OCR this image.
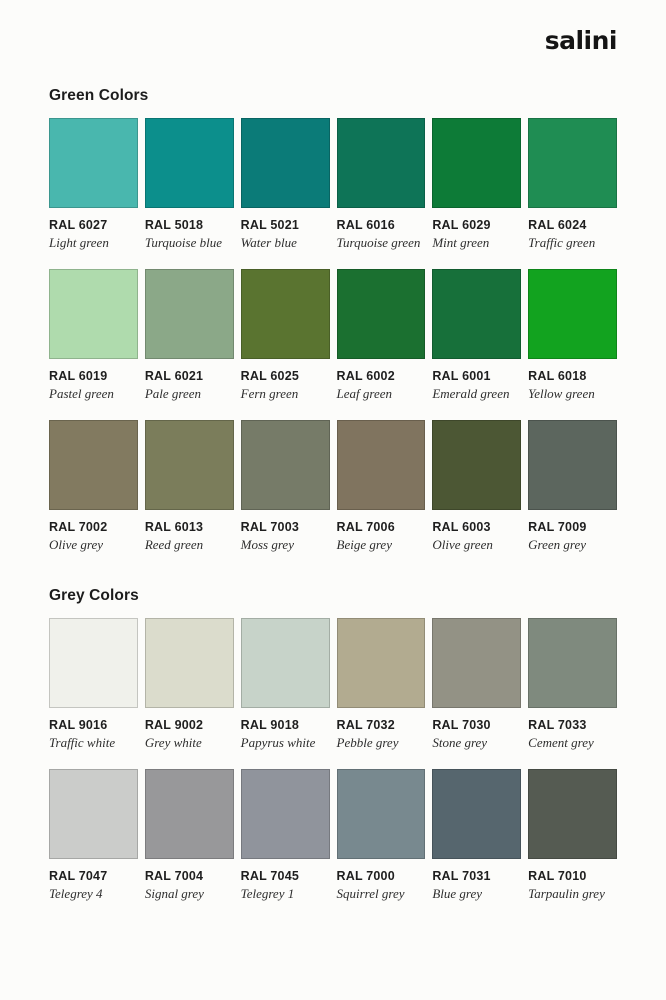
salini
Green Colors
RAL 6027
Light green
RAL 5018
Turquoise blue
RAL 5021
Water blue
RAL 6016
Turquoise green
RAL 6029
Mint green
RAL 6024
Traffic green
RAL 6019
Pastel green
RAL 6021
Pale green
RAL 6025
Fern green
RAL 6002
Leaf green
RAL 6001
Emerald green
RAL 6018
Yellow green
RAL 7002
Olive grey
RAL 6013
Reed green
RAL 7003
Moss grey
RAL 7006
Beige grey
RAL 6003
Olive green
RAL 7009
Green grey
Grey Colors
RAL 9016
Traffic white
RAL 9002
Grey white
RAL 9018
Papyrus white
RAL 7032
Pebble grey
RAL 7030
Stone grey
RAL 7033
Cement grey
RAL 7047
Telegrey 4
RAL 7004
Signal grey
RAL 7045
Telegrey 1
RAL 7000
Squirrel grey
RAL 7031
Blue grey
RAL 7010
Tarpaulin grey
